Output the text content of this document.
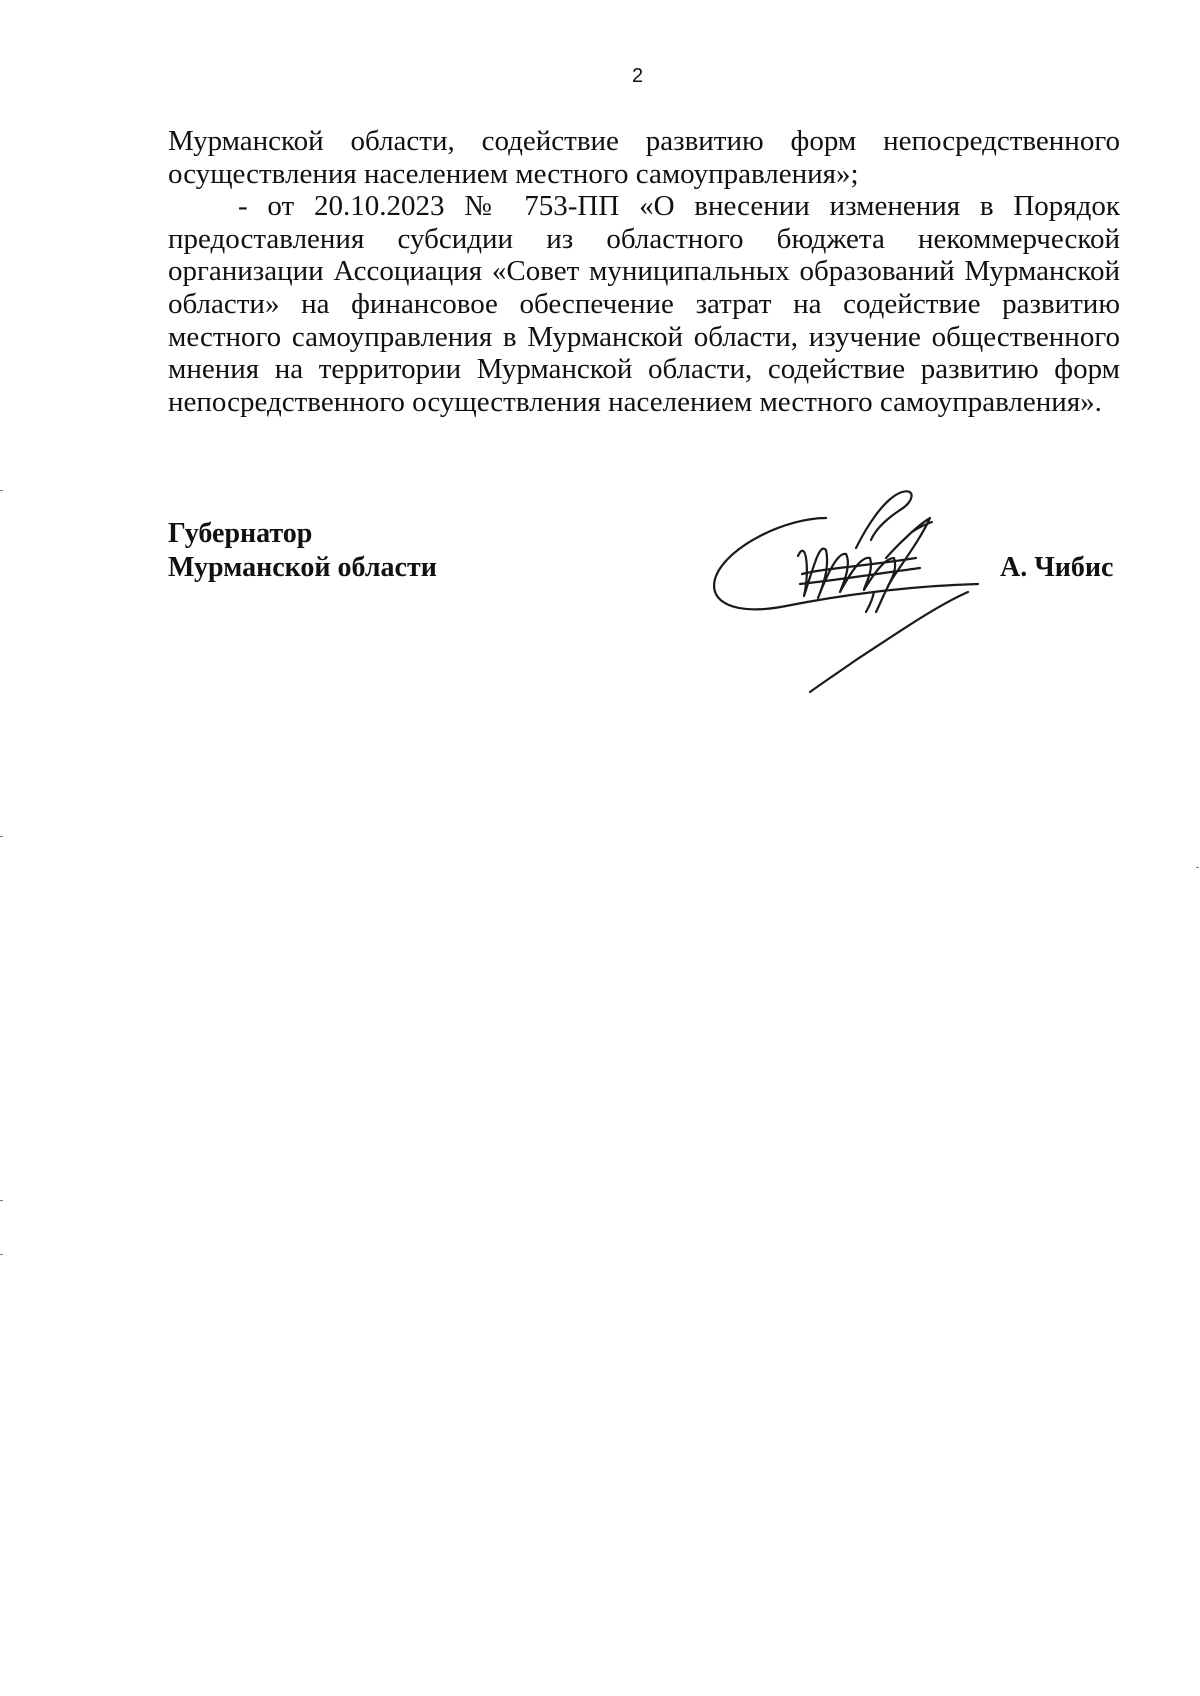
2

Мурманской области, содействие развитию форм непосредственного осуществления населением местного самоуправления»;

- от 20.10.2023 № 753-ПП «О внесении изменения в Порядок предоставления субсидии из областного бюджета некоммерческой организации Ассоциация «Совет муниципальных образований Мурманской области» на финансовое обеспечение затрат на содействие развитию местного самоуправления в Мурманской области, изучение общественного мнения на территории Мурманской области, содействие развитию форм непосредственного осуществления населением местного самоуправления».

Губернатор
Мурманской области	А. Чибис
